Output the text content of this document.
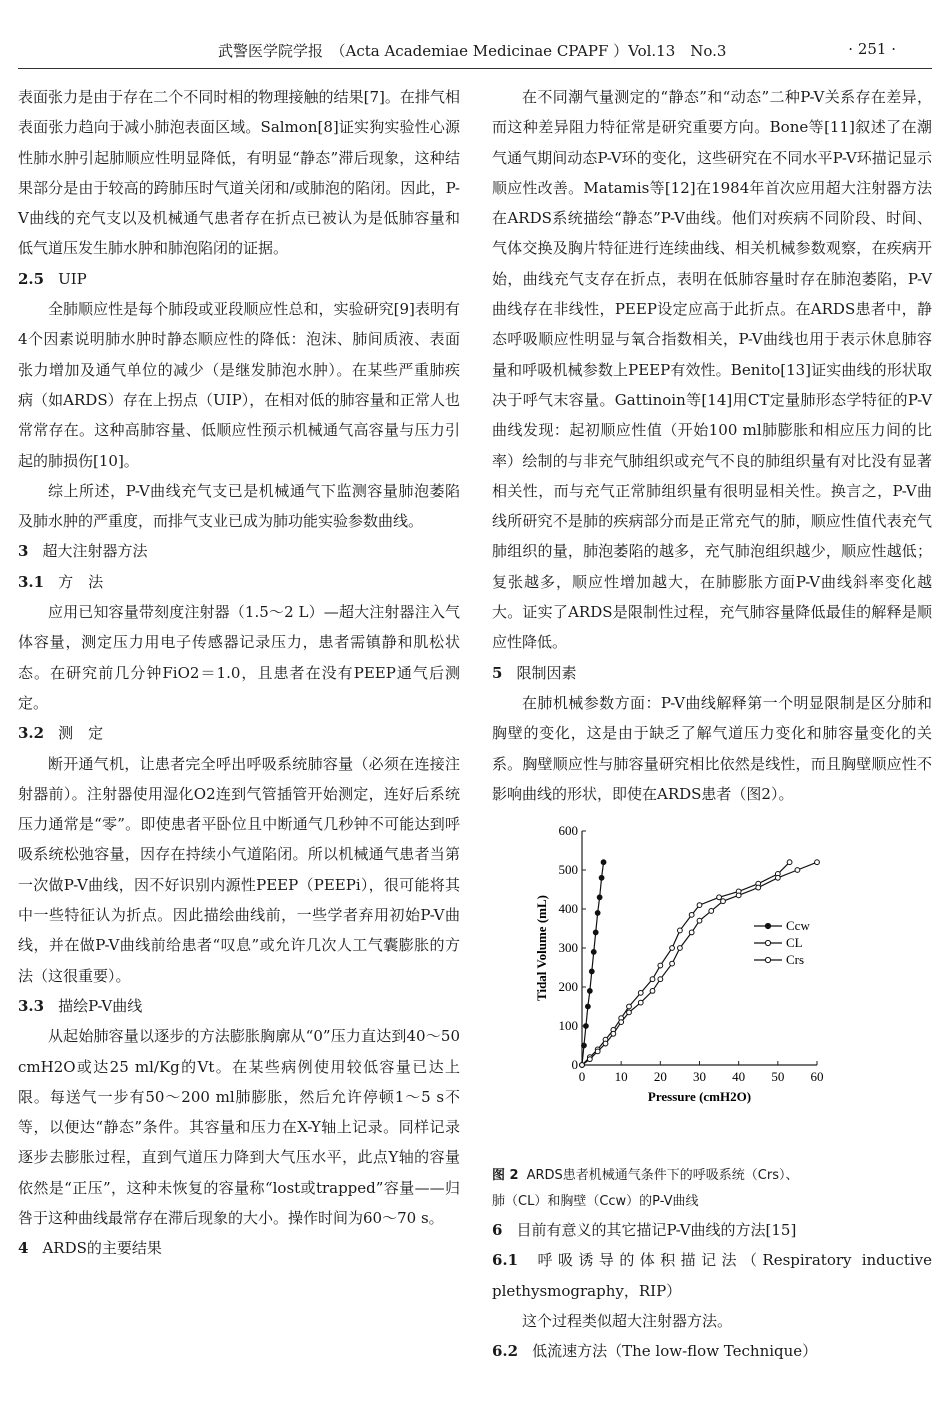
武警医学院学报　（Acta Academiae Medicinae CPAPF ）Vol.13　No.3	· 251 ·

表面张力是由于存在二个不同时相的物理接触的结果[7]。在排气相表面张力趋向于减小肺泡表面区域。Salmon[8]证实狗实验性心源性肺水肿引起肺顺应性明显降低，有明显“静态”滞后现象，这种结果部分是由于较高的跨肺压时气道关闭和/或肺泡的陷闭。因此，P-V曲线的充气支以及机械通气患者存在折点已被认为是低肺容量和低气道压发生肺水肿和肺泡陷闭的证据。

2.5 UIP

全肺顺应性是每个肺段或亚段顺应性总和，实验研究[9]表明有4个因素说明肺水肿时静态顺应性的降低：泡沫、肺间质液、表面张力增加及通气单位的减少（是继发肺泡水肿）。在某些严重肺疾病（如ARDS）存在上拐点（UIP），在相对低的肺容量和正常人也常常存在。这种高肺容量、低顺应性预示机械通气高容量与压力引起的肺损伤[10]。

综上所述，P-V曲线充气支已是机械通气下监测容量肺泡萎陷及肺水肿的严重度，而排气支业已成为肺功能实验参数曲线。

3 超大注射器方法

3.1 方　法

应用已知容量带刻度注射器（1.5～2 L）—超大注射器注入气体容量，测定压力用电子传感器记录压力，患者需镇静和肌松状态。在研究前几分钟FiO2＝1.0，且患者在没有PEEP通气后测定。

3.2 测　定

断开通气机，让患者完全呼出呼吸系统肺容量（必须在连接注射器前）。注射器使用湿化O2连到气管插管开始测定，连好后系统压力通常是“零”。即使患者平卧位且中断通气几秒钟不可能达到呼吸系统松弛容量，因存在持续小气道陷闭。所以机械通气患者当第一次做P-V曲线，因不好识别内源性PEEP（PEEPi），很可能将其中一些特征认为折点。因此描绘曲线前，一些学者弃用初始P-V曲线，并在做P-V曲线前给患者“叹息”或允许几次人工气囊膨胀的方法（这很重要）。

3.3 描绘P-V曲线

从起始肺容量以逐步的方法膨胀胸廓从“0”压力直达到40～50 cmH2O或达25 ml/Kg的Vt。在某些病例使用较低容量已达上限。每送气一步有50～200 ml肺膨胀，然后允许停顿1～5 s不等，以便达“静态”条件。其容量和压力在X-Y轴上记录。同样记录逐步去膨胀过程，直到气道压力降到大气压水平，此点Y轴的容量依然是“正压”，这种未恢复的容量称“lost或trapped”容量——归咎于这种曲线最常存在滞后现象的大小。操作时间为60～70 s。

4 ARDS的主要结果

在不同潮气量测定的“静态”和“动态”二种P-V关系存在差异，而这种差异阻力特征常是研究重要方向。Bone等[11]叙述了在潮气通气期间动态P-V环的变化，这些研究在不同水平P-V环描记显示顺应性改善。Matamis等[12]在1984年首次应用超大注射器方法在ARDS系统描绘“静态”P-V曲线。他们对疾病不同阶段、时间、气体交换及胸片特征进行连续曲线、相关机械参数观察，在疾病开始，曲线充气支存在折点，表明在低肺容量时存在肺泡萎陷，P-V曲线存在非线性，PEEP设定应高于此折点。在ARDS患者中，静态呼吸顺应性明显与氧合指数相关，P-V曲线也用于表示休息肺容量和呼吸机械参数上PEEP有效性。Benito[13]证实曲线的形状取决于呼气末容量。Gattinoin等[14]用CT定量肺形态学特征的P-V曲线发现：起初顺应性值（开始100 ml肺膨胀和相应压力间的比率）绘制的与非充气肺组织或充气不良的肺组织量有对比没有显著相关性，而与充气正常肺组织量有很明显相关性。换言之，P-V曲线所研究不是肺的疾病部分而是正常充气的肺，顺应性值代表充气肺组织的量，肺泡萎陷的越多，充气肺泡组织越少，顺应性越低；复张越多，顺应性增加越大，在肺膨胀方面P-V曲线斜率变化越大。证实了ARDS是限制性过程，充气肺容量降低最佳的解释是顺应性降低。

5 限制因素

在肺机械参数方面：P-V曲线解释第一个明显限制是区分肺和胸壁的变化，这是由于缺乏了解气道压力变化和肺容量变化的关系。胸壁顺应性与肺容量研究相比依然是线性，而且胸壁顺应性不影响曲线的形状，即使在ARDS患者（图2）。

0 10 20 30 40 50 60
0
100
200
300
400
500
600
Pressure (cmH2O)
Tidal Volume (mL)	Ccw
CL
Crs

图 2 ARDS患者机械通气条件下的呼吸系统（Crs）、

肺（CL）和胸壁（Ccw）的P-V曲线

6 目前有意义的其它描记P-V曲线的方法[15]

6.1 呼吸诱导的体积描记法（Respiratory inductive plethysmography，RIP）

这个过程类似超大注射器方法。

6.2 低流速方法（The low-flow Technique）
